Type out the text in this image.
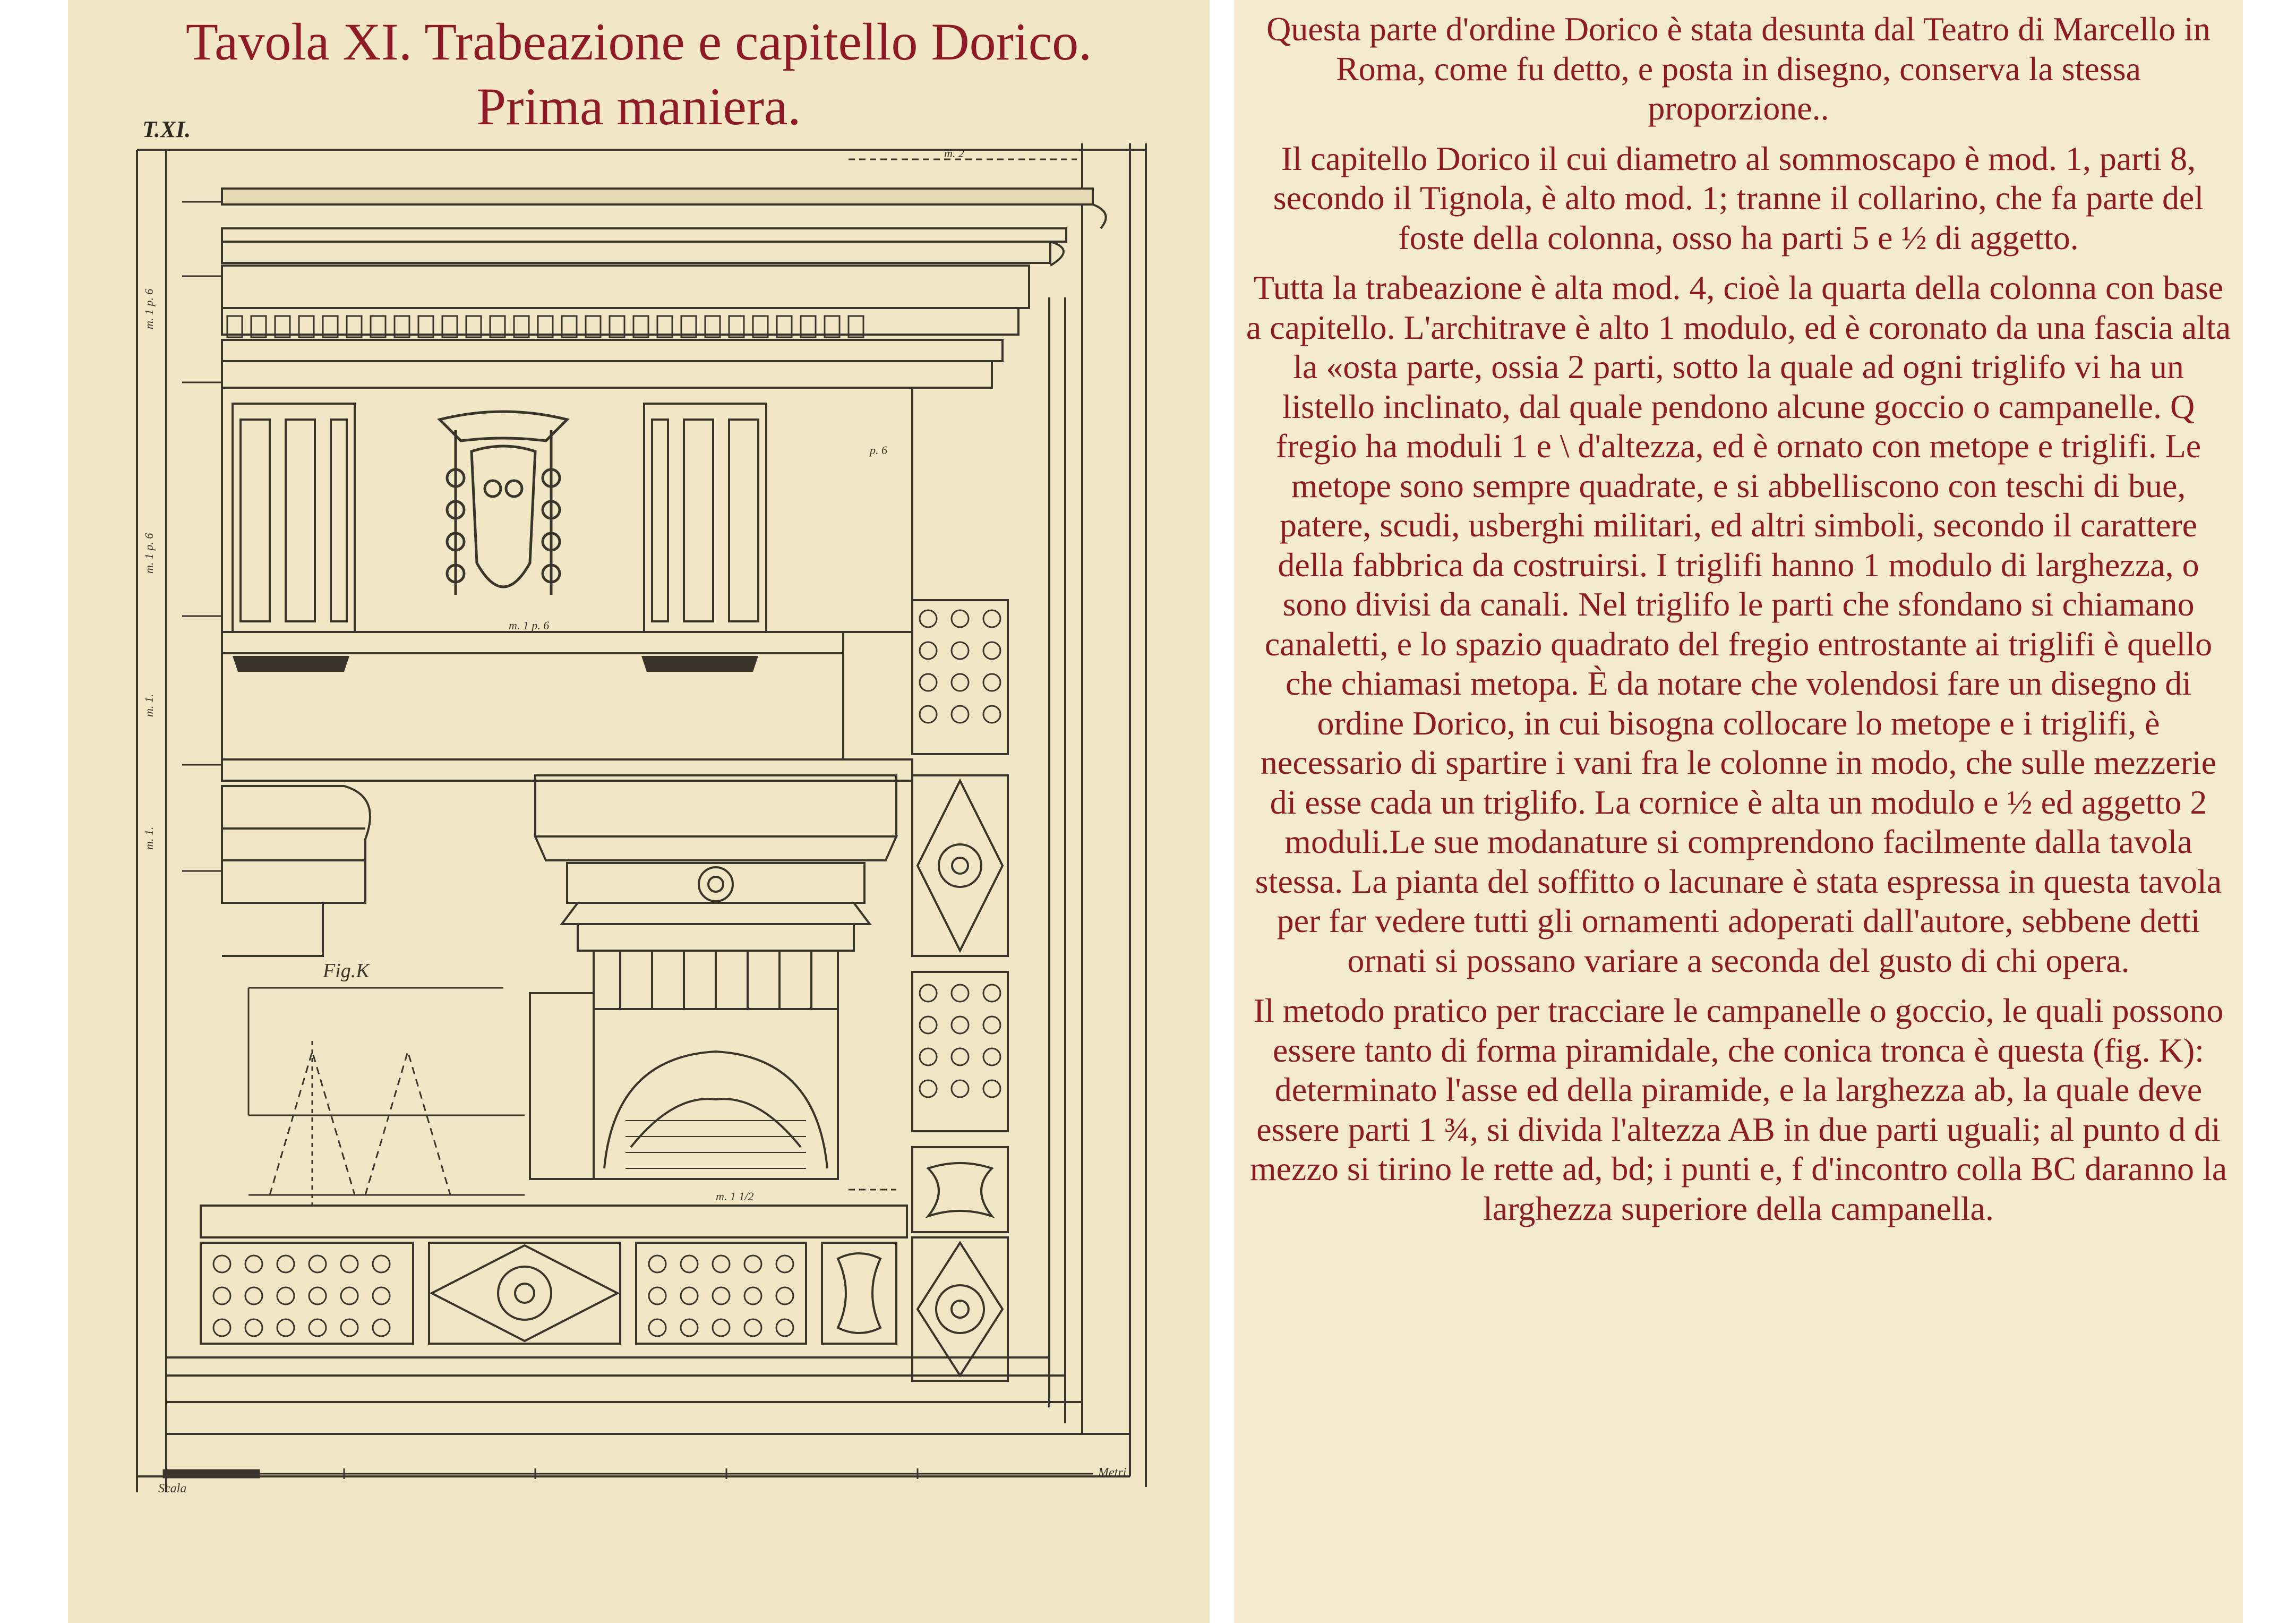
m. 2
m. 1 p. 6
m. 1 p. 6
m. 1.
m. 1.
m. 1 p. 6
m. 1 1/2
p. 6
Fig.K
Scala
Metri
T.XI.
Tavola XI. Trabeazione e capitello Dorico.
Prima maniera.

Questa parte d'ordine Dorico è stata desunta dal Teatro di Marcello in Roma, come fu detto, e posta in disegno, conserva la stessa proporzione..

Il capitello Dorico il cui diametro al sommoscapo è mod. 1, parti 8, secondo il Tignola, è alto mod. 1; tranne il collarino, che fa parte del foste della colonna, osso ha parti 5 e ½ di aggetto.

Tutta la trabeazione è alta mod. 4, cioè la quarta della colonna con base a capitello. L'architrave è alto 1 modulo, ed è coronato da una fascia alta la «osta parte, ossia 2 parti, sotto la quale ad ogni triglifo vi ha un listello inclinato, dal quale pendono alcune goccio o campanelle. Q fregio ha moduli 1 e \ d'altezza, ed è ornato con metope e triglifi. Le metope sono sempre quadrate, e si abbelliscono con teschi di bue, patere, scudi, usberghi militari, ed altri simboli, secondo il carattere della fabbrica da costruirsi. I triglifi hanno 1 modulo di larghezza, o sono divisi da canali. Nel triglifo le parti che sfondano si chiamano canaletti, e lo spazio quadrato del fregio entrostante ai triglifi è quello che chiamasi metopa. È da notare che volendosi fare un disegno di ordine Dorico, in cui bisogna collocare lo metope e i triglifi, è necessario di spartire i vani fra le colonne in modo, che sulle mezzerie di esse cada un triglifo. La cornice è alta un modulo e ½ ed aggetto 2 moduli.Le sue modanature si comprendono facilmente dalla tavola stessa. La pianta del soffitto o lacunare è stata espressa in questa tavola per far vedere tutti gli ornamenti adoperati dall'autore, sebbene detti ornati si possano variare a seconda del gusto di chi opera.

Il metodo pratico per tracciare le campanelle o goccio, le quali possono essere tanto di forma piramidale, che conica tronca è questa (fig. K): determinato l'asse ed della piramide, e la larghezza ab, la quale deve essere parti 1 ¾, si divida l'altezza AB in due parti uguali; al punto d di mezzo si tirino le rette ad, bd; i punti e, f d'incontro colla BC daranno la larghezza superiore della campanella.
